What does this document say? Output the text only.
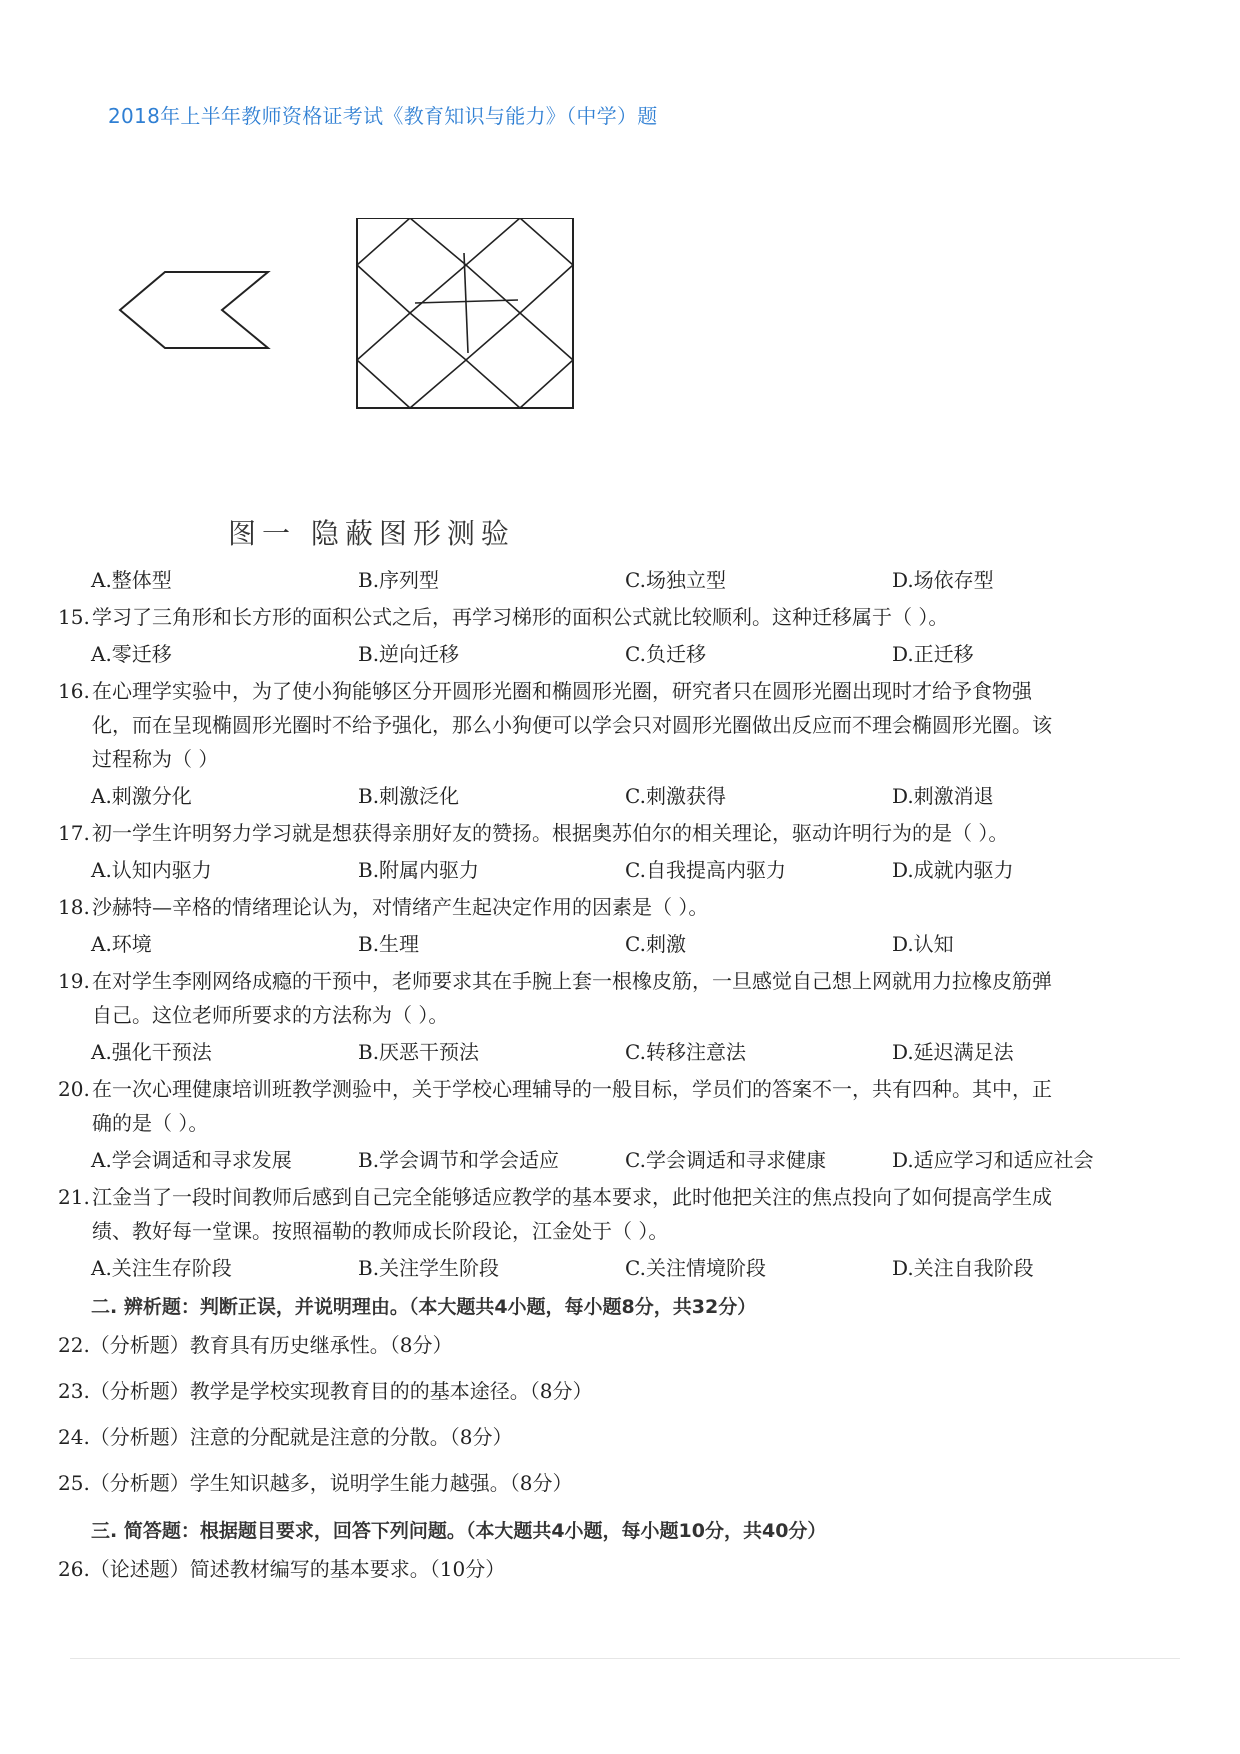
2018年上半年教师资格证考试《教育知识与能力》（中学）题
图一 隐蔽图形测验
A.整体型	B.序列型	C.场独立型	D.场依存型
15. 学习了三角形和长方形的面积公式之后，再学习梯形的面积公式就比较顺利。这种迁移属于（ ）。
A.零迁移	B.逆向迁移	C.负迁移	D.正迁移
16. 在心理学实验中，为了使小狗能够区分开圆形光圈和椭圆形光圈，研究者只在圆形光圈出现时才给予食物强
化，而在呈现椭圆形光圈时不给予强化，那么小狗便可以学会只对圆形光圈做出反应而不理会椭圆形光圈。该
过程称为（ ）
A.刺激分化	B.刺激泛化	C.刺激获得	D.刺激消退
17. 初一学生许明努力学习就是想获得亲朋好友的赞扬。根据奥苏伯尔的相关理论，驱动许明行为的是（ ）。
A.认知内驱力	B.附属内驱力	C.自我提高内驱力	D.成就内驱力
18. 沙赫特—辛格的情绪理论认为，对情绪产生起决定作用的因素是（ ）。
A.环境	B.生理	C.刺激	D.认知
19. 在对学生李刚网络成瘾的干预中，老师要求其在手腕上套一根橡皮筋，一旦感觉自己想上网就用力拉橡皮筋弹
自己。这位老师所要求的方法称为（ ）。
A.强化干预法	B.厌恶干预法	C.转移注意法	D.延迟满足法
20. 在一次心理健康培训班教学测验中，关于学校心理辅导的一般目标，学员们的答案不一，共有四种。其中，正
确的是（ ）。
A.学会调适和寻求发展	B.学会调节和学会适应	C.学会调适和寻求健康	D.适应学习和适应社会
21. 江金当了一段时间教师后感到自己完全能够适应教学的基本要求，此时他把关注的焦点投向了如何提高学生成
绩、教好每一堂课。按照福勒的教师成长阶段论，江金处于（ ）。
A.关注生存阶段	B.关注学生阶段	C.关注情境阶段	D.关注自我阶段
二. 辨析题：判断正误，并说明理由。（本大题共4小题，每小题8分，共32分）
22.（分析题）教育具有历史继承性。（8分）
23.（分析题）教学是学校实现教育目的的基本途径。（8分）
24.（分析题）注意的分配就是注意的分散。（8分）
25.（分析题）学生知识越多，说明学生能力越强。（8分）
三. 简答题：根据题目要求，回答下列问题。（本大题共4小题，每小题10分，共40分）
26.（论述题）简述教材编写的基本要求。（10分）
